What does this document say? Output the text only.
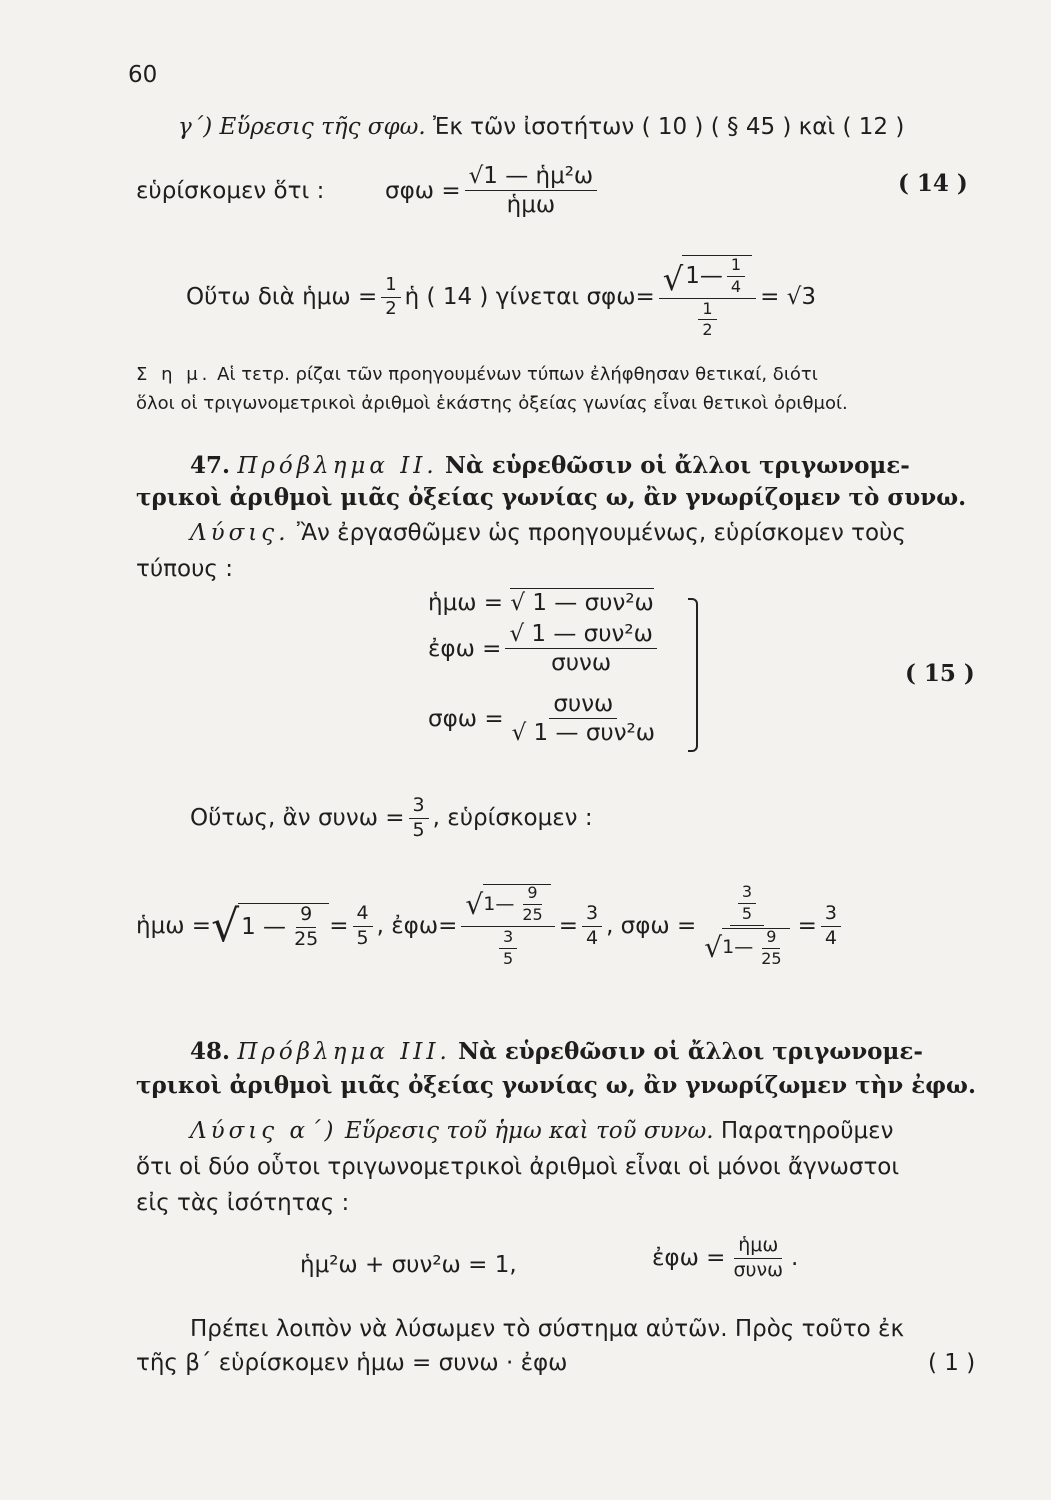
60
γ΄) Εὕρεσις τῆς σφω. Ἐκ τῶν ἰσοτήτων ( 10 ) ( § 45 ) καὶ ( 12 )
εὑρίσκομεν ὅτι :	$\sigma\varphi\omega = \frac{\text{√1 — ἡμ²ω}}{\text{ἡμω}}$	( 14 )
Οὕτω διὰ ἡμω = $\frac{1}{2}$ ἡ ( 14 ) γίνεται σφω= √ 1— $\frac{1}{4}$
$\frac{1}{2}$
= √3
Σ η μ. Αἱ τετρ. ρίζαι τῶν προηγουμένων τύπων ἐλήφθησαν θετικαί, διότι
ὅλοι οἱ τριγωνομετρικοὶ ἀριθμοὶ ἑκάστης ὀξείας γωνίας εἶναι θετικοὶ ὀριθμοί.
47. Πρόβλημα ΙΙ. Νὰ εὑρεθῶσιν οἱ ἄλλοι τριγωνομε-
τρικοὶ ἀριθμοὶ μιᾶς ὀξείας γωνίας ω, ἂν γνωρίζομεν τὸ συνω.
Λύσις. Ἂν ἐργασθῶμεν ὡς προηγουμένως, εὑρίσκομεν τοὺς
τύπους :
ἡμω = √ 1 — συν²ω
ἐφω = $\frac{\text{√ 1 — συν²ω}}{\text{συνω}}$
$\sigma\varphi\omega = \frac{\text{συνω}}{\text{√ 1 — συν²ω}}$
( 15 )
Οὕτως, ἂν $\sigma\upsilon\nu\omega = \frac{3}{5}$ , εὑρίσκομεν :
ἡμω = √ 1 — $\frac{9}{25} = \frac{4}{5}$ , ἐφω=
√ 1— $\frac{9}{25}$
$\frac{3}{5}$
= $\frac{3}{4}$ , σφω =
$\frac{3}{5}$
√ 1— $\frac{9}{25}$
= $\frac{3}{4}$
48. Πρόβλημα ΙΙΙ. Νὰ εὑρεθῶσιν οἱ ἄλλοι τριγωνομε-
τρικοὶ ἀριθμοὶ μιᾶς ὀξείας γωνίας ω, ἂν γνωρίζωμεν τὴν ἐφω.
Λύσις α΄) Εὕρεσις τοῦ ἡμω καὶ τοῦ συνω. Παρατηροῦμεν
ὅτι οἱ δύο οὗτοι τριγωνομετρικοὶ ἀριθμοὶ εἶναι οἱ μόνοι ἄγνωστοι
εἰς τὰς ἰσότητας :
ἡμ²ω + συν²ω = 1,	ἐφω = $\frac{\text{ἡμω}}{\text{συνω}}$ .
Πρέπει λοιπὸν νὰ λύσωμεν τὸ σύστημα αὐτῶν. Πρὸς τοῦτο ἐκ
τῆς β΄ εὑρίσκομεν ἡμω = συνω · ἐφω	( 1 )
